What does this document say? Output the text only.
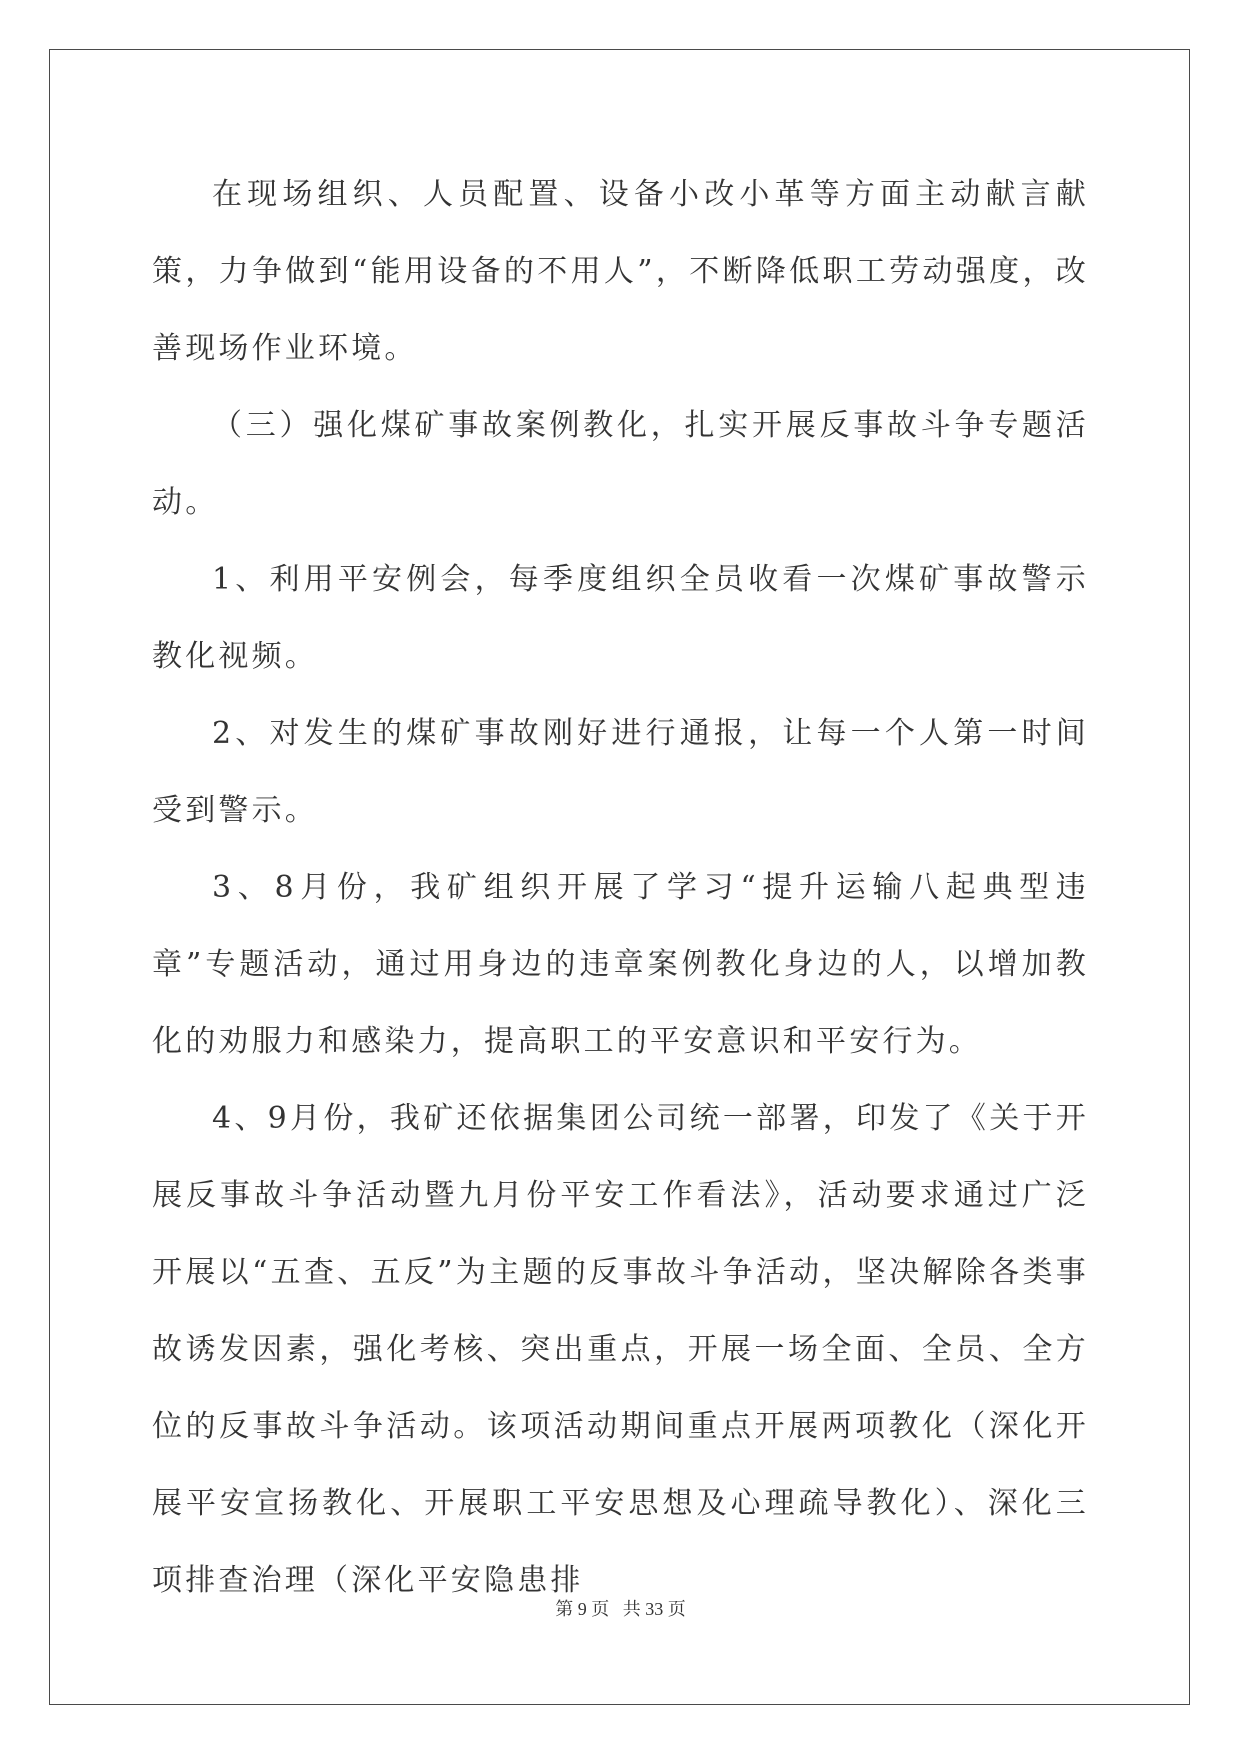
在现场组织、人员配置、设备小改小革等方面主动献言献策，力争做到“能用设备的不用人”，不断降低职工劳动强度，改善现场作业环境。

（三）强化煤矿事故案例教化，扎实开展反事故斗争专题活动。

1、利用平安例会，每季度组织全员收看一次煤矿事故警示教化视频。

2、对发生的煤矿事故刚好进行通报，让每一个人第一时间受到警示。

3、8月份，我矿组织开展了学习“提升运输八起典型违章”专题活动，通过用身边的违章案例教化身边的人，以增加教化的劝服力和感染力，提高职工的平安意识和平安行为。

4、9月份，我矿还依据集团公司统一部署，印发了《关于开展反事故斗争活动暨九月份平安工作看法》，活动要求通过广泛开展以“五查、五反”为主题的反事故斗争活动，坚决解除各类事故诱发因素，强化考核、突出重点，开展一场全面、全员、全方位的反事故斗争活动。该项活动期间重点开展两项教化（深化开展平安宣扬教化、开展职工平安思想及心理疏导教化）、深化三项排查治理（深化平安隐患排

第 9 页   共 33 页
